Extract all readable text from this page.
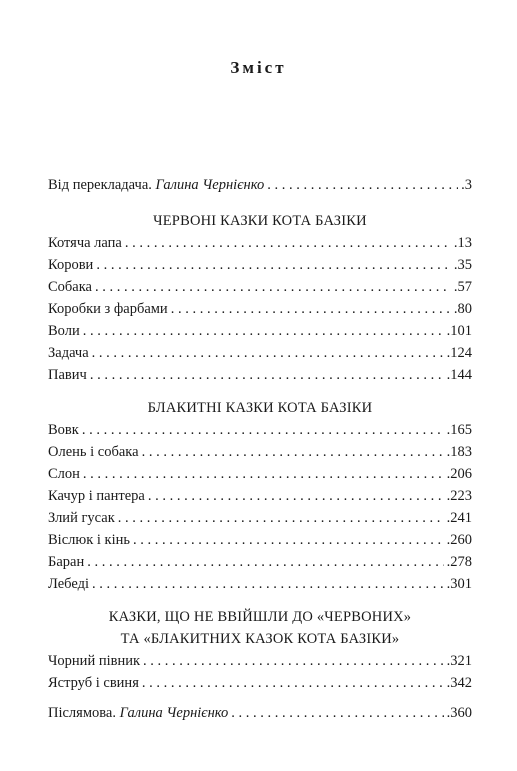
Зміст
Від перекладача. Галина Чернієнко . . .	.3
ЧЕРВОНІ КАЗКИ КОТА БАЗІКИ
Котяча лапа . . .	.13
Корови . . .	.35
Собака . . .	.57
Коробки з фарбами . . .	.80
Воли . . .	.101
Задача . . .	.124
Павич . . .	.144
БЛАКИТНІ КАЗКИ КОТА БАЗІКИ
Вовк . . .	.165
Олень і собака . . .	.183
Слон . . .	.206
Качур і пантера . . .	.223
Злий гусак . . .	.241
Віслюк і кінь . . .	.260
Баран . . .	.278
Лебеді . . .	.301
КАЗКИ, ЩО НЕ ВВІЙШЛИ ДО «ЧЕРВОНИХ»
ТА «БЛАКИТНИХ КАЗОК КОТА БАЗІКИ»
Чорний півник . . .	.321
Яструб і свиня . . .	.342
Післямова. Галина Чернієнко . . .	.360
